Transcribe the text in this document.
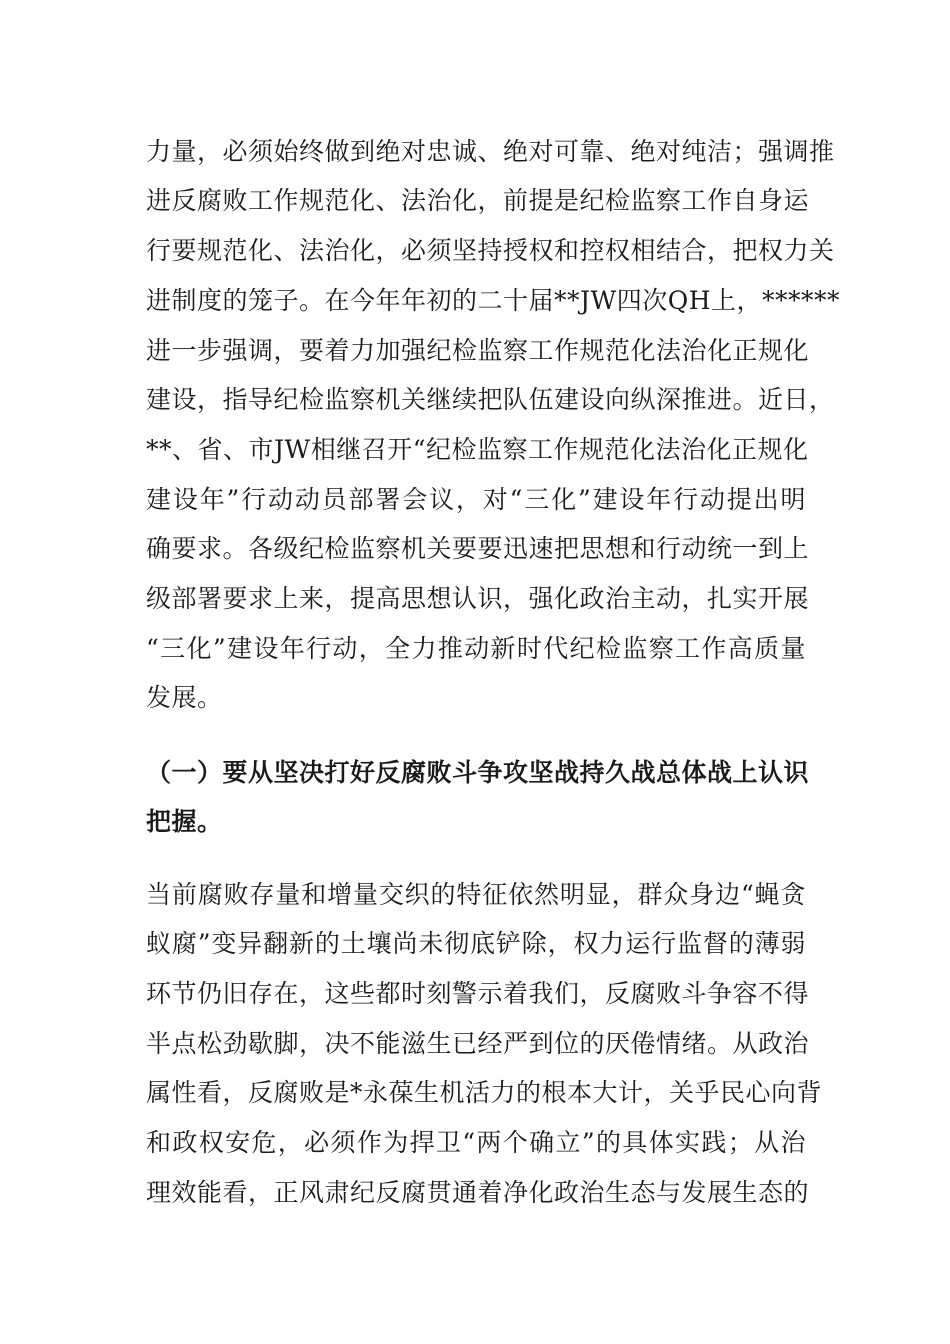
力量，必须始终做到绝对忠诚、绝对可靠、绝对纯洁；强调推
进反腐败工作规范化、法治化，前提是纪检监察工作自身运
行要规范化、法治化，必须坚持授权和控权相结合，把权力关
进制度的笼子。在今年年初的二十届**JW四次QH上，******
进一步强调，要着力加强纪检监察工作规范化法治化正规化
建设，指导纪检监察机关继续把队伍建设向纵深推进。近日，
**、省、市JW相继召开“纪检监察工作规范化法治化正规化
建设年”行动动员部署会议，对“三化”建设年行动提出明
确要求。各级纪检监察机关要要迅速把思想和行动统一到上
级部署要求上来，提高思想认识，强化政治主动，扎实开展
“三化”建设年行动，全力推动新时代纪检监察工作高质量
发展。
（一）要从坚决打好反腐败斗争攻坚战持久战总体战上认识
把握。
当前腐败存量和增量交织的特征依然明显，群众身边“蝇贪
蚁腐”变异翻新的土壤尚未彻底铲除，权力运行监督的薄弱
环节仍旧存在，这些都时刻警示着我们，反腐败斗争容不得
半点松劲歇脚，决不能滋生已经严到位的厌倦情绪。从政治
属性看，反腐败是*永葆生机活力的根本大计，关乎民心向背
和政权安危，必须作为捍卫“两个确立”的具体实践；从治
理效能看，正风肃纪反腐贯通着净化政治生态与发展生态的
